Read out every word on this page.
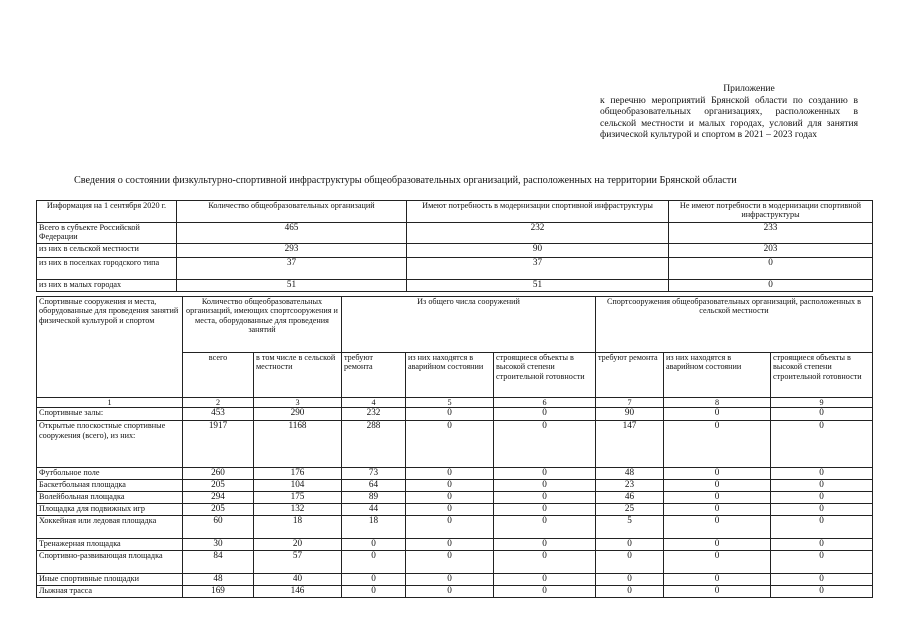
Приложение
к перечню мероприятий Брянской области по созданию в общеобразовательных организациях, расположенных в сельской местности и малых городах, условий для занятия физической культурой и спортом в 2021 – 2023 годах
Сведения о состоянии физкультурно-спортивной инфраструктуры общеобразовательных организаций, расположенных на территории Брянской области
Информация на 1 сентября 2020 г.	Количество общеобразовательных организаций	Имеют потребность в модернизации спортивной инфраструктуры	Не имеют потребности в модернизации спортивной инфраструктуры
Всего в субъекте Российской Федерации	465	232	233
из них в сельской местности	293	90	203
из них в поселках городского типа	37	37	0
из них в малых городах	51	51	0
Спортивные сооружения и места, оборудованные для проведения занятий физической культурой и спортом	Количество общеобразовательных организаций, имеющих спортсооружения и места, оборудованные для проведения занятий		Из общего числа сооружений			Спортсооружения общеобразовательных организаций, расположенных в сельской местности		
	всего	в том числе в сельской местности	требуют ремонта	из них находятся в аварийном состоянии	строящиеся объекты в высокой степени строительной готовности	требуют ремонта	из них находятся в аварийном состоянии	строящиеся объекты в высокой степени строительной готовности
1	2	3	4	5	6	7	8	9
Спортивные залы:	453	290	232	0	0	90	0	0
Открытые плоскостные спортивные сооружения (всего), из них:	1917	1168	288	0	0	147	0	0
Футбольное поле	260	176	73	0	0	48	0	0
Баскетбольная площадка	205	104	64	0	0	23	0	0
Волейбольная площадка	294	175	89	0	0	46	0	0
Площадка для подвижных игр	205	132	44	0	0	25	0	0
Хоккейная или ледовая площадка	60	18	18	0	0	5	0	0
Тренажерная площадка	30	20	0	0	0	0	0	0
Спортивно-развивающая площадка	84	57	0	0	0	0	0	0
Иные спортивные площадки	48	40	0	0	0	0	0	0
Лыжная трасса	169	146	0	0	0	0	0	0
